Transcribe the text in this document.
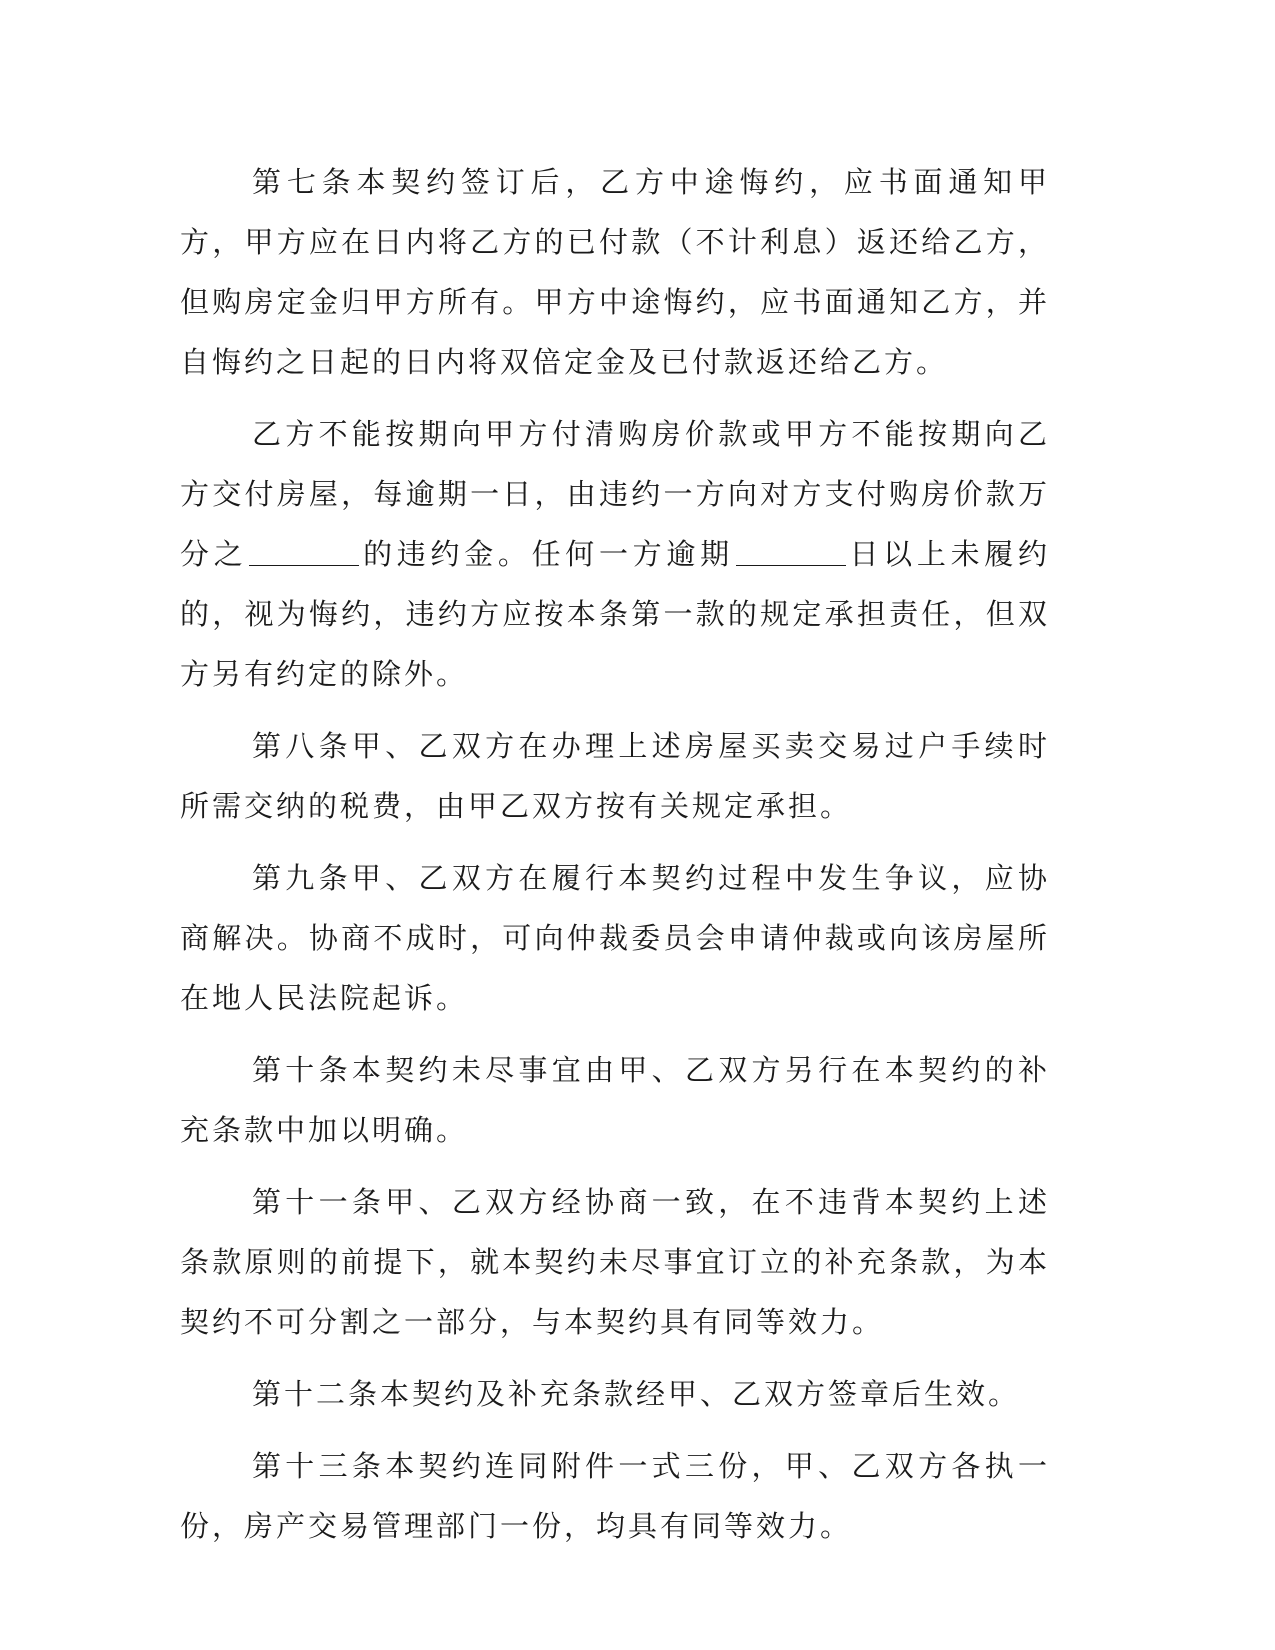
第七条本契约签订后，乙方中途悔约，应书面通知甲方，甲方应在日内将乙方的已付款（不计利息）返还给乙方，但购房定金归甲方所有。甲方中途悔约，应书面通知乙方，并自悔约之日起的日内将双倍定金及已付款返还给乙方。

乙方不能按期向甲方付清购房价款或甲方不能按期向乙方交付房屋，每逾期一日，由违约一方向对方支付购房价款万分之	的违约金。任何一方逾期	日以上未履约的，视为悔约，违约方应按本条第一款的规定承担责任，但双方另有约定的除外。

第八条甲、乙双方在办理上述房屋买卖交易过户手续时所需交纳的税费，由甲乙双方按有关规定承担。

第九条甲、乙双方在履行本契约过程中发生争议，应协商解决。协商不成时，可向仲裁委员会申请仲裁或向该房屋所在地人民法院起诉。

第十条本契约未尽事宜由甲、乙双方另行在本契约的补充条款中加以明确。

第十一条甲、乙双方经协商一致，在不违背本契约上述条款原则的前提下，就本契约未尽事宜订立的补充条款，为本契约不可分割之一部分，与本契约具有同等效力。

第十二条本契约及补充条款经甲、乙双方签章后生效。

第十三条本契约连同附件一式三份，甲、乙双方各执一份，房产交易管理部门一份，均具有同等效力。
